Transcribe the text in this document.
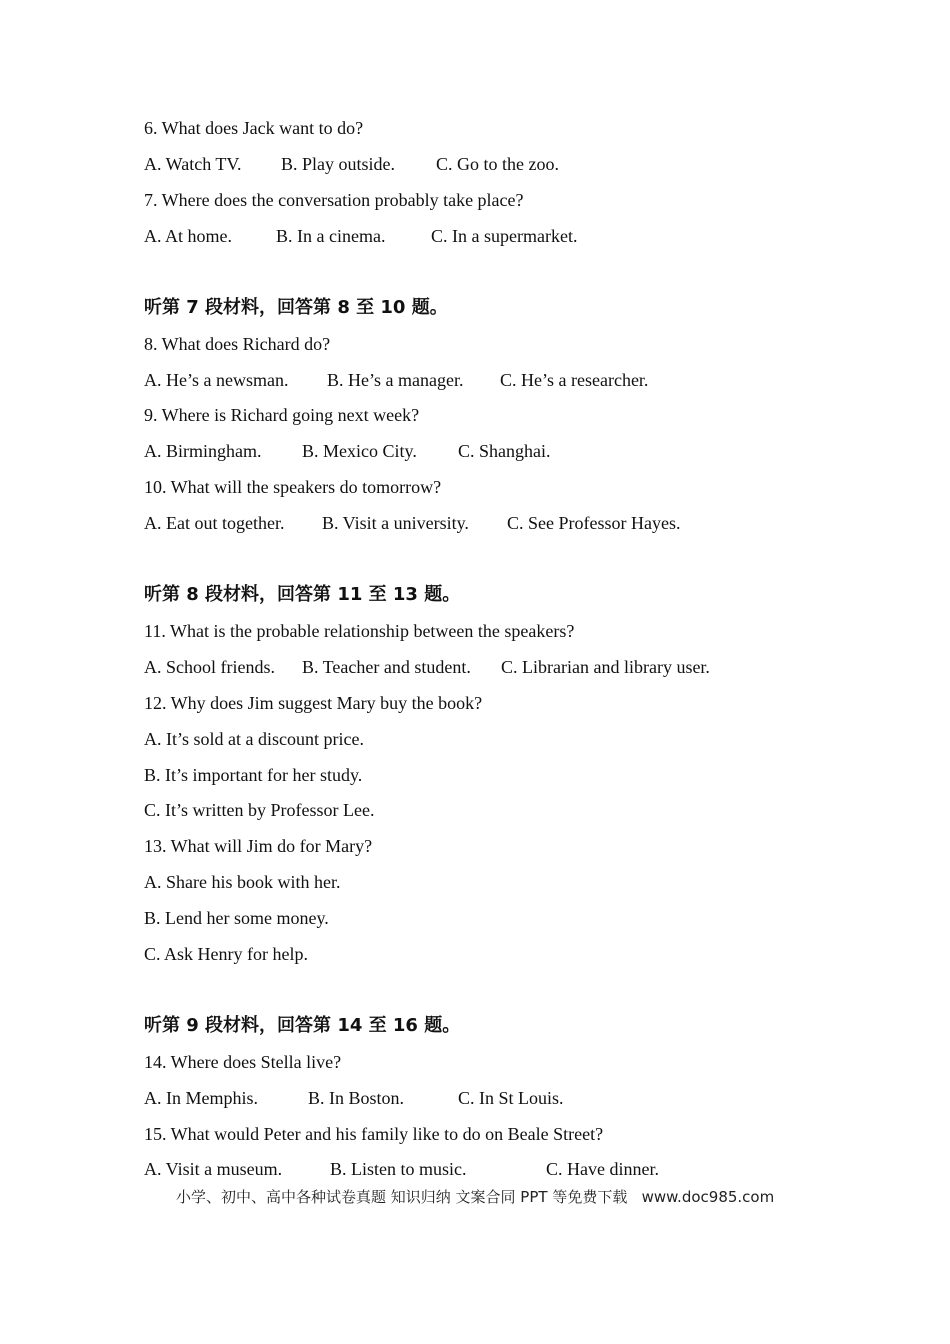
6. What does Jack want to do?
A. Watch TV. B. Play outside. C. Go to the zoo.
7. Where does the conversation probably take place?
A. At home. B. In a cinema.	C. In a supermarket.
听第 7 段材料，回答第 8 至 10 题。
8. What does Richard do?
A. He’s a newsman. B. He’s a manager. C. He’s a researcher.
9. Where is Richard going next week?
A. Birmingham. B. Mexico City. C. Shanghai.
10. What will the speakers do tomorrow?
A. Eat out together. B. Visit a university. C. See Professor Hayes.
听第 8 段材料，回答第 11 至 13 题。
11. What is the probable relationship between the speakers?
A. School friends. B. Teacher and student. C. Librarian and library user.
12. Why does Jim suggest Mary buy the book?
A. It’s sold at a discount price.
B. It’s important for her study.
C. It’s written by Professor Lee.
13. What will Jim do for Mary?
A. Share his book with her.
B. Lend her some money.
C. Ask Henry for help.
听第 9 段材料，回答第 14 至 16 题。
14. Where does Stella live?
A. In Memphis.	B. In Boston.	C. In St Louis.
15. What would Peter and his family like to do on Beale Street?
A. Visit a museum.	B. Listen to music.	C. Have dinner.
小学、初中、高中各种试卷真题 知识归纳 文案合同 PPT 等免费下载   www.doc985.com
